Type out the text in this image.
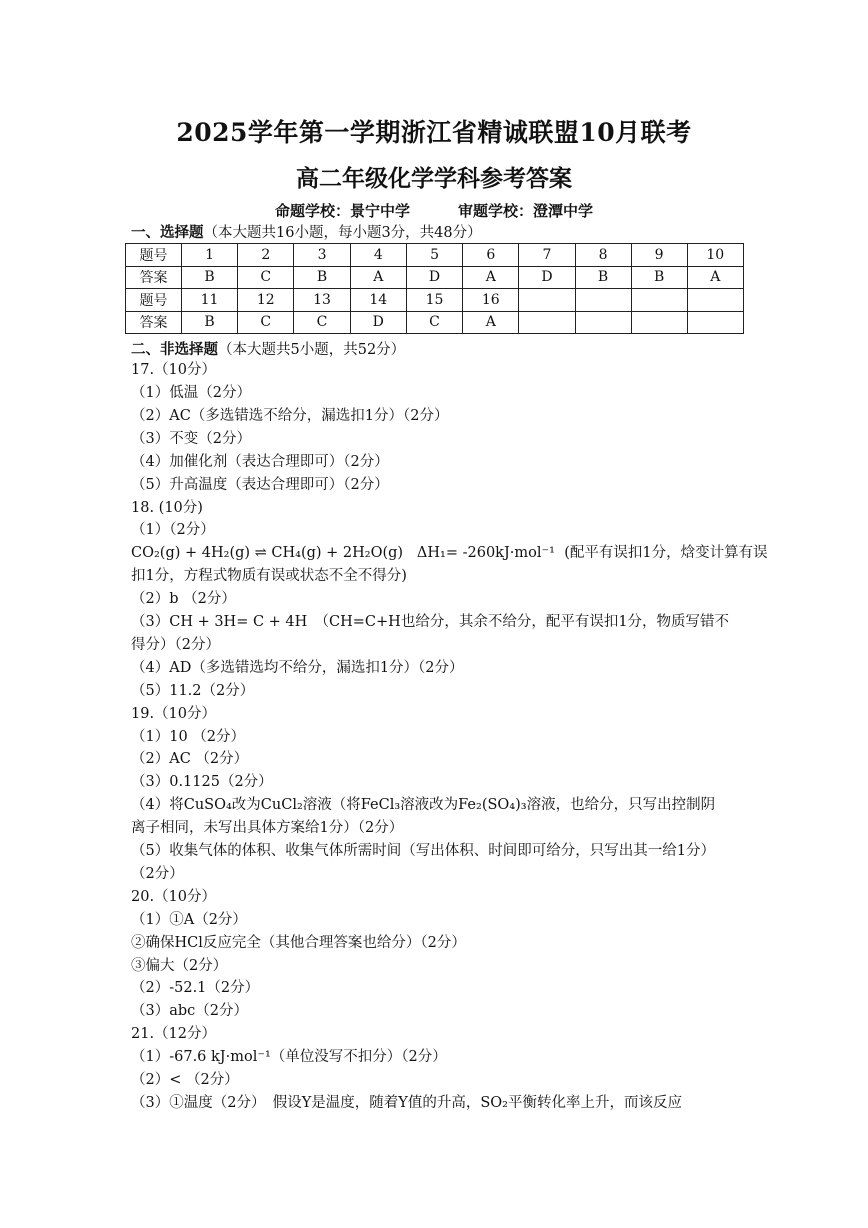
2025学年第一学期浙江省精诚联盟10月联考
高二年级化学学科参考答案
命题学校：景宁中学	审题学校：澄潭中学
一、选择题（本大题共16小题，每小题3分，共48分）
题号	1	2	3	4	5	6	7	8	9	10
答案	B	C	B	A	D	A	D	B	B	A
题号	11	12	13	14	15	16				
答案	B	C	C	D	C	A				
二、非选择题（本大题共5小题，共52分）
17.（10分）
（1）低温（2分）
（2）AC（多选错选不给分，漏选扣1分）（2分）
（3）不变（2分）
（4）加催化剂（表达合理即可）（2分）
（5）升高温度（表达合理即可）（2分）
18. (10分)
（1）（2分）
CO₂(g) + 4H₂(g) ⇌ CH₄(g) + 2H₂O(g) ΔH₁= -260kJ·mol⁻¹ (配平有误扣1分，焓变计算有误
扣1分，方程式物质有误或状态不全不得分)
（2）b （2分）
（3）CH + 3H= C + 4H　（CH=C+H也给分，其余不给分，配平有误扣1分，物质写错不
得分）（2分）
（4）AD（多选错选均不给分，漏选扣1分）（2分）
（5）11.2（2分）
19.（10分）
（1）10 （2分）
（2）AC （2分）
（3）0.1125（2分）
（4）将CuSO₄改为CuCl₂溶液（将FeCl₃溶液改为Fe₂(SO₄)₃溶液，也给分，只写出控制阴
离子相同，未写出具体方案给1分）（2分）
（5）收集气体的体积、收集气体所需时间（写出体积、时间即可给分，只写出其一给1分）
（2分）
20.（10分）
（1）①A（2分）
②确保HCl反应完全（其他合理答案也给分）（2分）
③偏大（2分）
（2）-52.1（2分）
（3）abc（2分）
21.（12分）
（1）-67.6 kJ·mol⁻¹（单位没写不扣分）（2分）
（2）< （2分）
（3）①温度（2分）　假设Y是温度，随着Y值的升高，SO₂平衡转化率上升，而该反应
